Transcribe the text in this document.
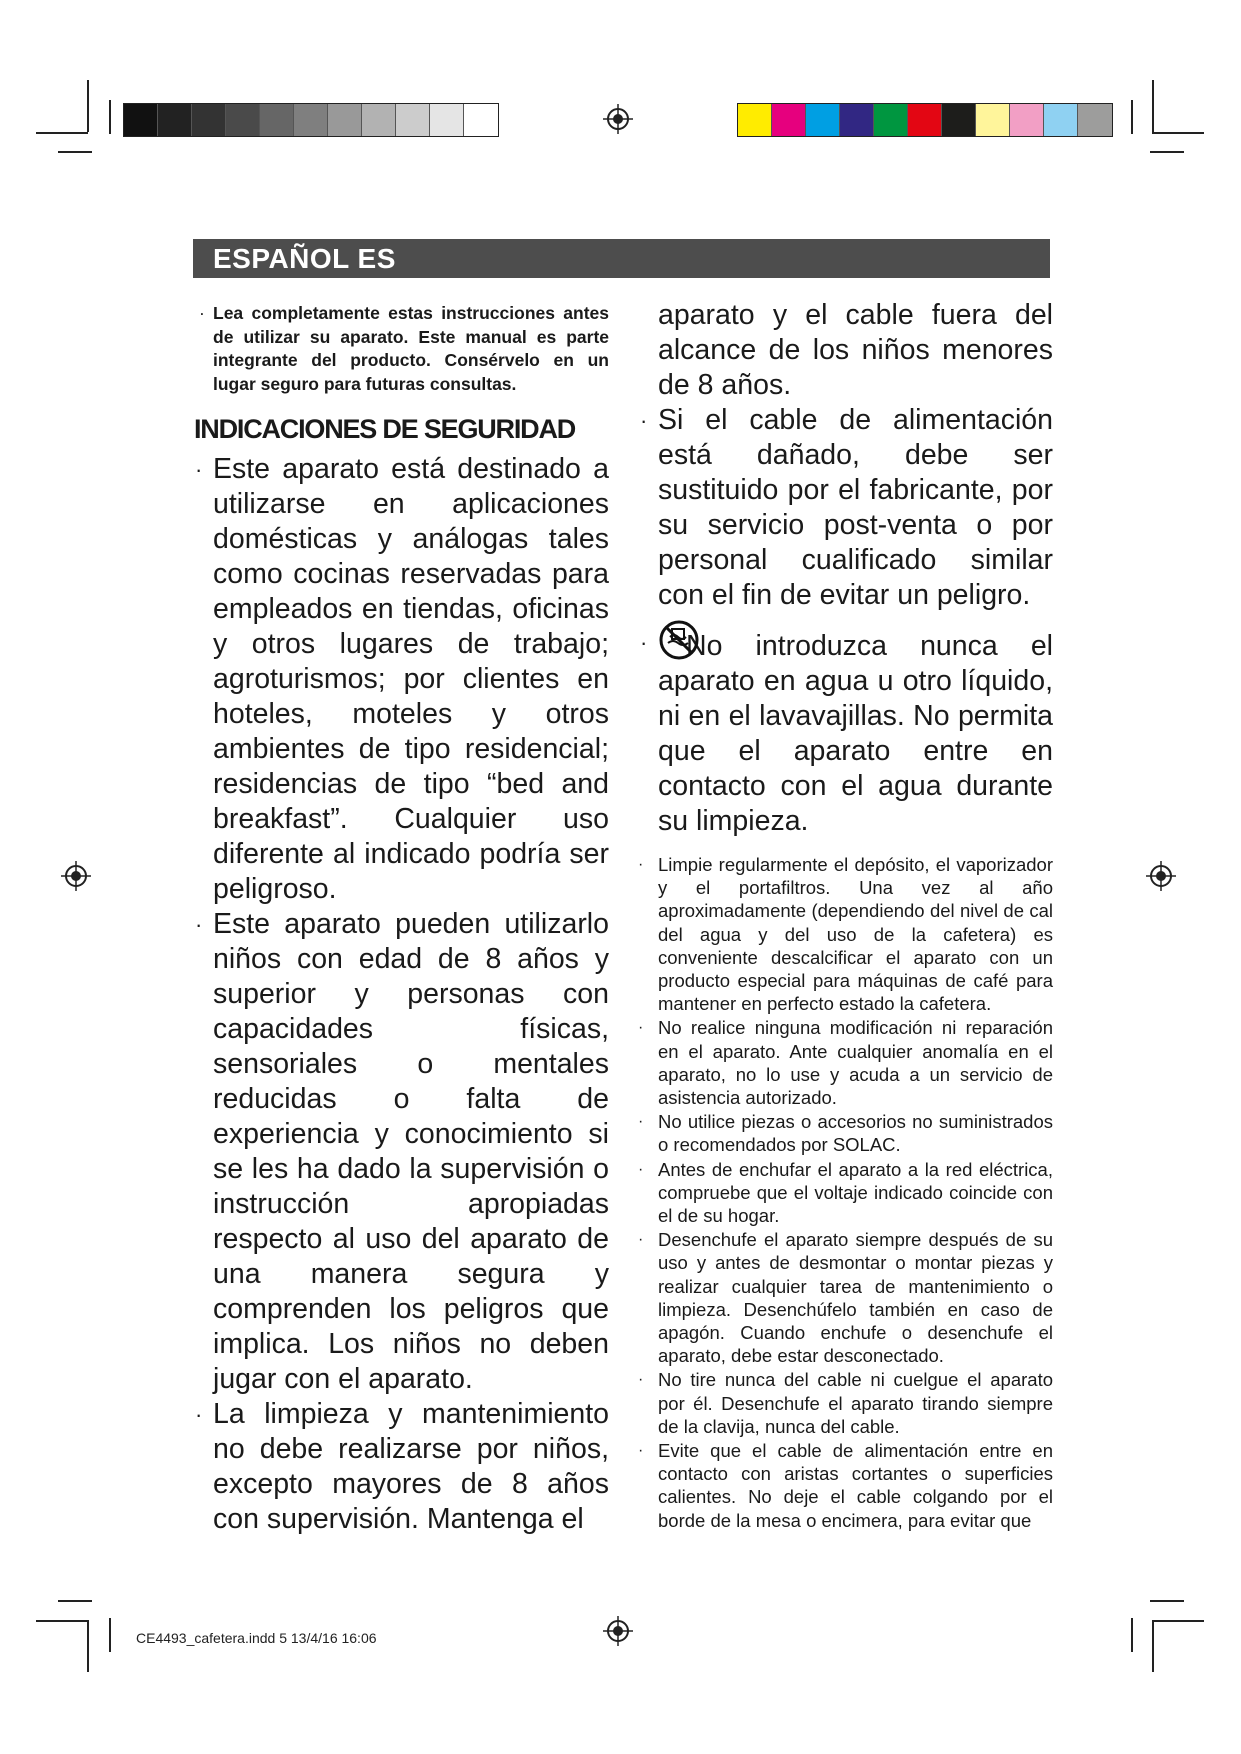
ESPAÑOL ES

· Lea completamente estas instrucciones antes de utilizar su aparato. Este manual es parte integrante del producto. Consérvelo en un lugar seguro para futuras consultas.

INDICACIONES DE SEGURIDAD

· Este aparato está destinado a utilizarse en aplicaciones domésticas y análogas tales como cocinas reservadas para empleados en tiendas, oficinas y otros lugares de trabajo; agroturismos; por clientes en hoteles, moteles y otros ambientes de tipo residencial; residencias de tipo “bed and breakfast”. Cualquier uso diferente al indicado podría ser peligroso.

· Este aparato pueden utilizarlo niños con edad de 8 años y superior y personas con capacidades físicas, sensoriales o mentales reducidas o falta de experiencia y conocimiento si se les ha dado la supervisión o instrucción apropiadas respecto al uso del aparato de una manera segura y comprenden los peligros que implica. Los niños no deben jugar con el aparato.

· La limpieza y mantenimiento no debe realizarse por niños, excepto mayores de 8 años con supervisión. Mantenga el

aparato y el cable fuera del alcance de los niños menores de 8 años.

· Si el cable de alimentación está dañado, debe ser sustituido por el fabricante, por su servicio post-venta o por personal cualificado similar con el fin de evitar un peligro.

· No introduzca nunca el aparato en agua u otro líquido, ni en el lavavajillas. No permita que el aparato entre en contacto con el agua durante su limpieza.

· Limpie regularmente el depósito, el vaporizador y el portafiltros. Una vez al año aproximadamente (dependiendo del nivel de cal del agua y del uso de la cafetera) es conveniente descalcificar el aparato con un producto especial para máquinas de café para mantener en perfecto estado la cafetera.

· No realice ninguna modificación ni reparación en el aparato. Ante cualquier anomalía en el aparato, no lo use y acuda a un servicio de asistencia autorizado.

· No utilice piezas o accesorios no suministrados o recomendados por SOLAC.

· Antes de enchufar el aparato a la red eléctrica, compruebe que el voltaje indicado coincide con el de su hogar.

· Desenchufe el aparato siempre después de su uso y antes de desmontar o montar piezas y realizar cualquier tarea de mantenimiento o limpieza. Desenchúfelo también en caso de apagón. Cuando enchufe o desenchufe el aparato, debe estar desconectado.

· No tire nunca del cable ni cuelgue el aparato por él. Desenchufe el aparato tirando siempre de la clavija, nunca del cable.

· Evite que el cable de alimentación entre en contacto con aristas cortantes o superficies calientes. No deje el cable colgando por el borde de la mesa o encimera, para evitar que

CE4493_cafetera.indd 5 13/4/16 16:06
